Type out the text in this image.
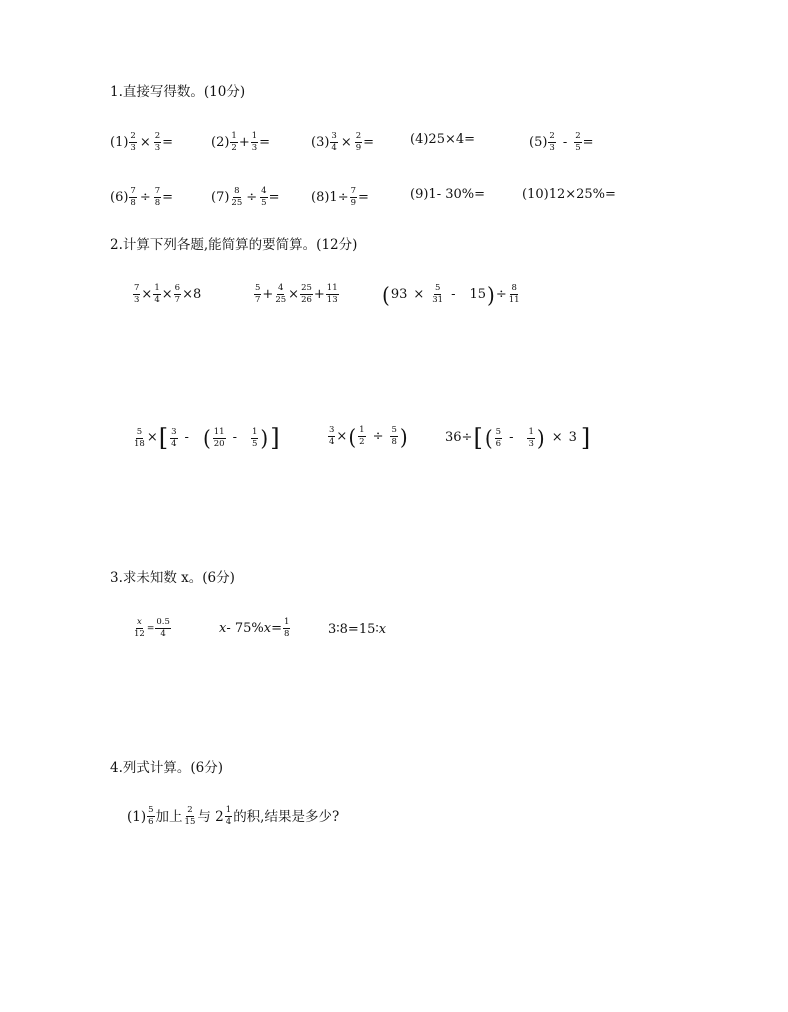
1.直接写得数。(10分)
$(1) \frac{2}{3} \times \frac{2}{3}$ =	$(2) \frac{1}{2} + \frac{1}{3}$ =	$(3) \frac{3}{4} \times \frac{2}{9}$ =	(4) 25×4=	$(5) \frac{2}{3} - \frac{2}{5}$ =
$(6) \frac{7}{8} \div \frac{7}{8}$ =	$(7) \frac{8}{25} \div \frac{4}{5} = (8)$ $1\div \frac{7}{9}$ =	(9) 1- 30%=	(10) 12×25%=
2.计算下列各题,能简算的要简算。(12分)
$\frac{7}{3} \times \frac{1}{4} \times \frac{6}{7} \times 8$	$\frac{5}{7} + \frac{4}{25} \times \frac{25}{26} + \frac{11}{13}$ ( $93 \times \frac{5}{31} - 15$ ) ÷ $\frac{8}{11}$
$\frac{5}{18}$ × [ $\frac{3}{4}$ - ( $\frac{11}{20} - \frac{1}{5}$ ) ]	$\frac{3}{4}$ × ( $\frac{1}{2} \div \frac{5}{8}$ )	36 ÷ [ ( $\frac{5}{6} - \frac{1}{3}$ ) × 3 ]
3.求未知数 x。(6分)
$\frac{x}{12} = \frac{0.5}{4}$	x - 75% $x = \frac{1}{8}$	3∶8=15∶ x
4.列式计算。(6分)
$(1) \frac{5}{6}$ 加上 $\frac{2}{15}$ 与 $2 \frac{1}{4}$ 的积,结果是多少?
